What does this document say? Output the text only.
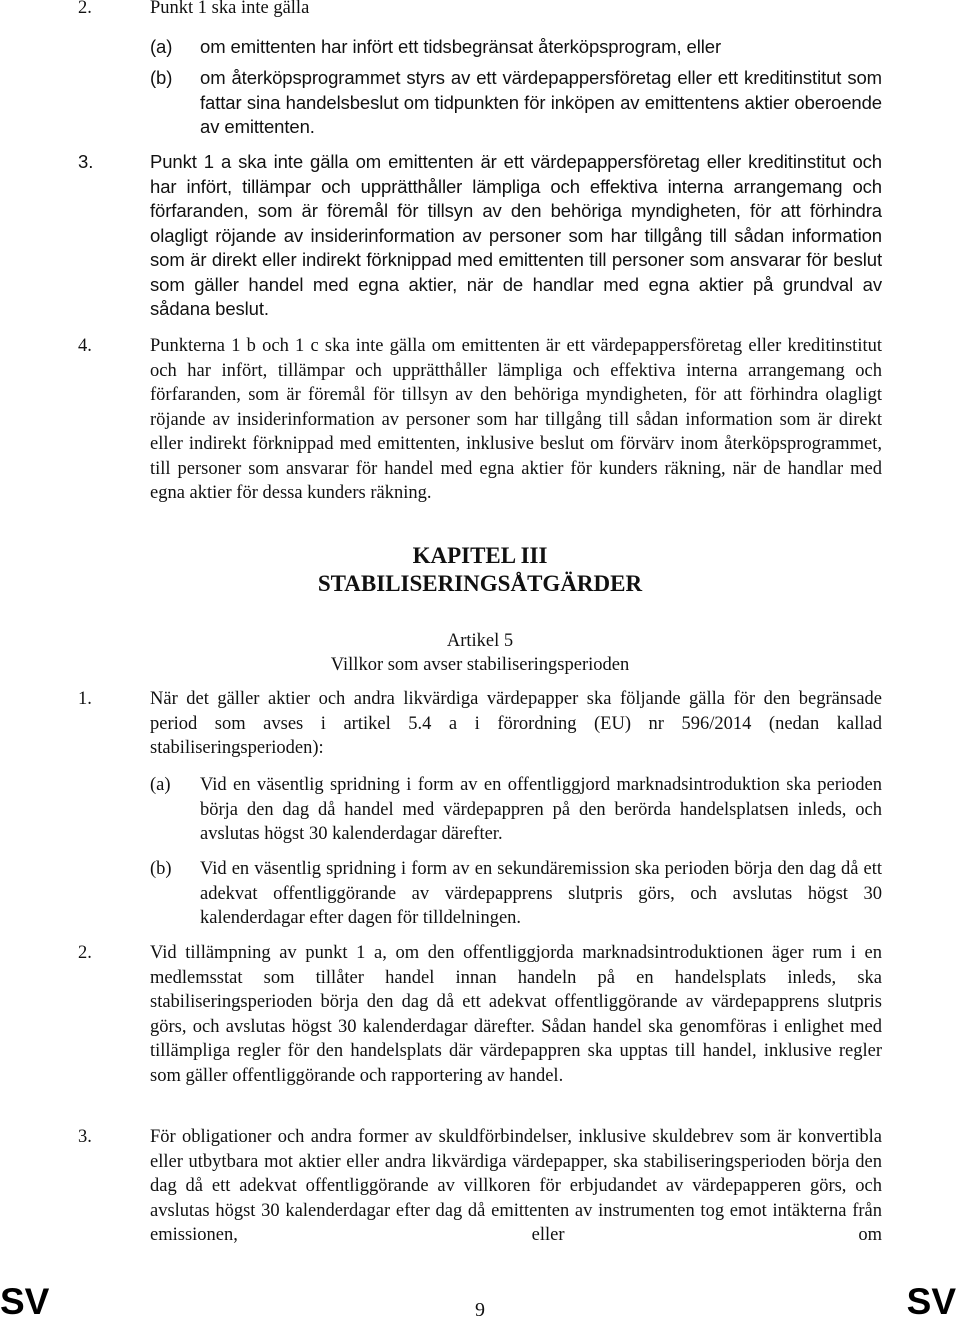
2.	Punkt 1 ska inte gälla
(a)	om emittenten har infört ett tidsbegränsat återköpsprogram, eller
(b)	om återköpsprogrammet styrs av ett värdepappersföretag eller ett kreditinstitut som fattar sina handelsbeslut om tidpunkten för inköpen av emittentens aktier oberoende av emittenten.
3.	Punkt 1 a ska inte gälla om emittenten är ett värdepappersföretag eller kreditinstitut och har infört, tillämpar och upprätthåller lämpliga och effektiva interna arrangemang och förfaranden, som är föremål för tillsyn av den behöriga myndigheten, för att förhindra olagligt röjande av insiderinformation av personer som har tillgång till sådan information som är direkt eller indirekt förknippad med emittenten till personer som ansvarar för beslut som gäller handel med egna aktier, när de handlar med egna aktier på grundval av sådana beslut.
4.	Punkterna 1 b och 1 c ska inte gälla om emittenten är ett värdepappersföretag eller kreditinstitut och har infört, tillämpar och upprätthåller lämpliga och effektiva interna arrangemang och förfaranden, som är föremål för tillsyn av den behöriga myndigheten, för att förhindra olagligt röjande av insiderinformation av personer som har tillgång till sådan information som är direkt eller indirekt förknippad med emittenten, inklusive beslut om förvärv inom återköpsprogrammet, till personer som ansvarar för handel med egna aktier för kunders räkning, när de handlar med egna aktier för dessa kunders räkning.
KAPITEL III
STABILISERINGSÅTGÄRDER
Artikel 5
Villkor som avser stabiliseringsperioden
1.	När det gäller aktier och andra likvärdiga värdepapper ska följande gälla för den begränsade period som avses i artikel 5.4 a i förordning (EU) nr 596/2014 (nedan kallad stabiliseringsperioden):
(a)	Vid en väsentlig spridning i form av en offentliggjord marknadsintroduktion ska perioden börja den dag då handel med värdepappren på den berörda handelsplatsen inleds, och avslutas högst 30 kalenderdagar därefter.
(b)	Vid en väsentlig spridning i form av en sekundäremission ska perioden börja den dag då ett adekvat offentliggörande av värdepapprens slutpris görs, och avslutas högst 30 kalenderdagar efter dagen för tilldelningen.
2.	Vid tillämpning av punkt 1 a, om den offentliggjorda marknadsintroduktionen äger rum i en medlemsstat som tillåter handel innan handeln på en handelsplats inleds, ska stabiliseringsperioden börja den dag då ett adekvat offentliggörande av värdepapprens slutpris görs, och avslutas högst 30 kalenderdagar därefter. Sådan handel ska genomföras i enlighet med tillämpliga regler för den handelsplats där värdepappren ska upptas till handel, inklusive regler som gäller offentliggörande och rapportering av handel.
3.	För obligationer och andra former av skuldförbindelser, inklusive skuldebrev som är konvertibla eller utbytbara mot aktier eller andra likvärdiga värdepapper, ska stabiliseringsperioden börja den dag då ett adekvat offentliggörande av villkoren för erbjudandet av värdepapperen görs, och avslutas högst 30 kalenderdagar efter dag då emittenten av instrumenten tog emot intäkterna från emissionen, eller om
SV	9	SV
